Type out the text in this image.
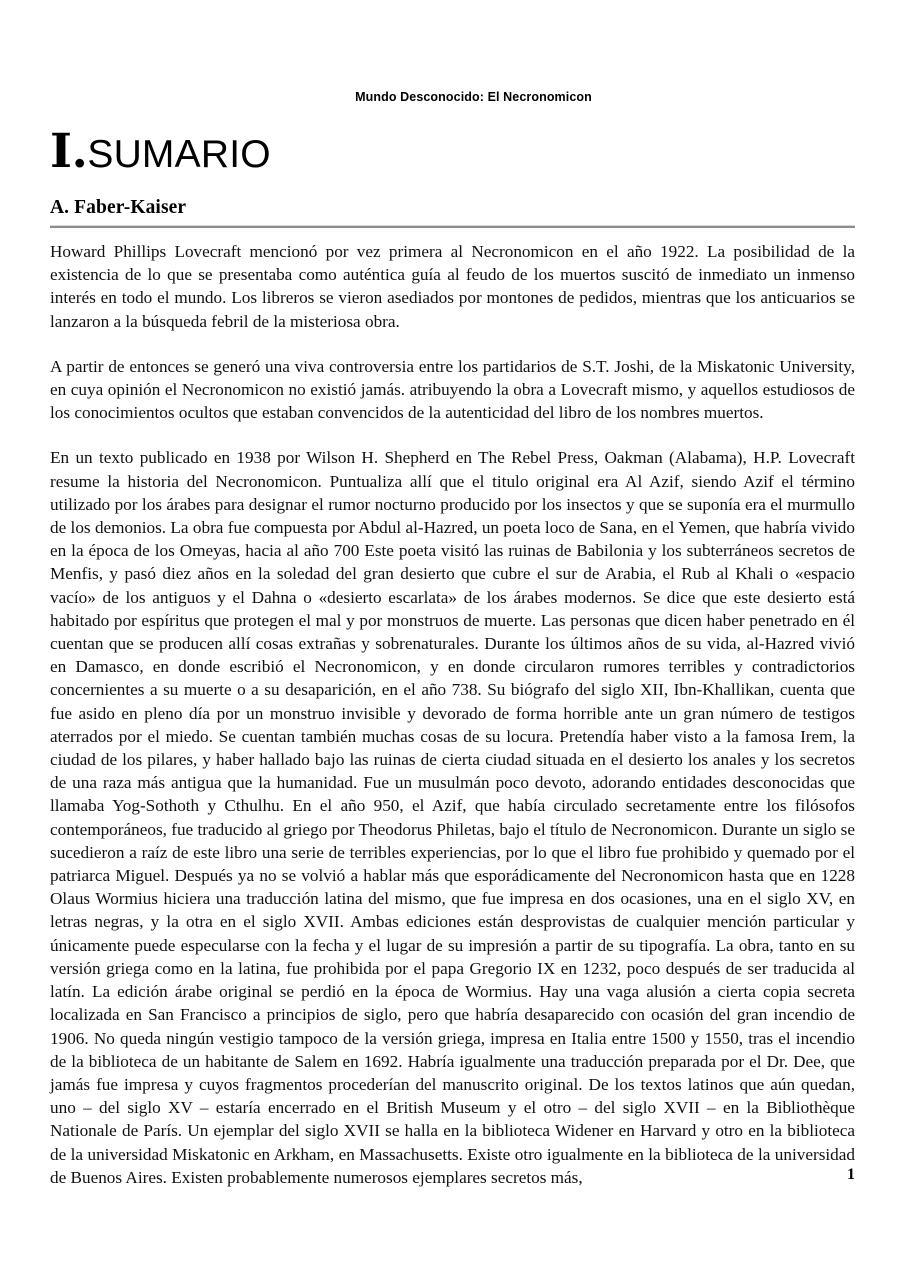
Mundo Desconocido: El Necronomicon
I.SUMARIO
A. Faber-Kaiser

Howard Phillips Lovecraft mencionó por vez primera al Necronomicon en el año 1922. La posibilidad de la existencia de lo que se presentaba como auténtica guía al feudo de los muertos suscitó de inmediato un inmenso interés en todo el mundo. Los libreros se vieron asediados por montones de pedidos, mientras que los anticuarios se lanzaron a la búsqueda febril de la misteriosa obra.

A partir de entonces se generó una viva controversia entre los partidarios de S.T. Joshi, de la Miskatonic University, en cuya opinión el Necronomicon no existió jamás. atribuyendo la obra a Lovecraft mismo, y aquellos estudiosos de los conocimientos ocultos que estaban convencidos de la autenticidad del libro de los nombres muertos.

En un texto publicado en 1938 por Wilson H. Shepherd en The Rebel Press, Oakman (Alabama), H.P. Lovecraft resume la historia del Necronomicon. Puntualiza allí que el titulo original era Al Azif, siendo Azif el término utilizado por los árabes para designar el rumor nocturno producido por los insectos y que se suponía era el murmullo de los demonios. La obra fue compuesta por Abdul al-Hazred, un poeta loco de Sana, en el Yemen, que habría vivido en la época de los Omeyas, hacia al año 700 Este poeta visitó las ruinas de Babilonia y los subterráneos secretos de Menfis, y pasó diez años en la soledad del gran desierto que cubre el sur de Arabia, el Rub al Khali o «espacio vacío» de los antiguos y el Dahna o «desierto escarlata» de los árabes modernos. Se dice que este desierto está habitado por espíritus que protegen el mal y por monstruos de muerte. Las personas que dicen haber penetrado en él cuentan que se producen allí cosas extrañas y sobrenaturales. Durante los últimos años de su vida, al-Hazred vivió en Damasco, en donde escribió el Necronomicon, y en donde circularon rumores terribles y contradictorios concernientes a su muerte o a su desaparición, en el año 738. Su biógrafo del siglo XII, Ibn-Khallikan, cuenta que fue asido en pleno día por un monstruo invisible y devorado de forma horrible ante un gran número de testigos aterrados por el miedo. Se cuentan también muchas cosas de su locura. Pretendía haber visto a la famosa Irem, la ciudad de los pilares, y haber hallado bajo las ruinas de cierta ciudad situada en el desierto los anales y los secretos de una raza más antigua que la humanidad. Fue un musulmán poco devoto, adorando entidades desconocidas que llamaba Yog-Sothoth y Cthulhu. En el año 950, el Azif, que había circulado secretamente entre los filósofos contemporáneos, fue traducido al griego por Theodorus Philetas, bajo el título de Necronomicon. Durante un siglo se sucedieron a raíz de este libro una serie de terribles experiencias, por lo que el libro fue prohibido y quemado por el patriarca Miguel. Después ya no se volvió a hablar más que esporádicamente del Necronomicon hasta que en 1228 Olaus Wormius hiciera una traducción latina del mismo, que fue impresa en dos ocasiones, una en el siglo XV, en letras negras, y la otra en el siglo XVII. Ambas ediciones están desprovistas de cualquier mención particular y únicamente puede especularse con la fecha y el lugar de su impresión a partir de su tipografía. La obra, tanto en su versión griega como en la latina, fue prohibida por el papa Gregorio IX en 1232, poco después de ser traducida al latín. La edición árabe original se perdió en la época de Wormius. Hay una vaga alusión a cierta copia secreta localizada en San Francisco a principios de siglo, pero que habría desaparecido con ocasión del gran incendio de 1906. No queda ningún vestigio tampoco de la versión griega, impresa en Italia entre 1500 y 1550, tras el incendio de la biblioteca de un habitante de Salem en 1692. Habría igualmente una traducción preparada por el Dr. Dee, que jamás fue impresa y cuyos fragmentos procederían del manuscrito original. De los textos latinos que aún quedan, uno – del siglo XV – estaría encerrado en el British Museum y el otro – del siglo XVII – en la Bibliothèque Nationale de París. Un ejemplar del siglo XVII se halla en la biblioteca Widener en Harvard y otro en la biblioteca de la universidad Miskatonic en Arkham, en Massachusetts. Existe otro igualmente en la biblioteca de la universidad de Buenos Aires. Existen probablemente numerosos ejemplares secretos más,	1
